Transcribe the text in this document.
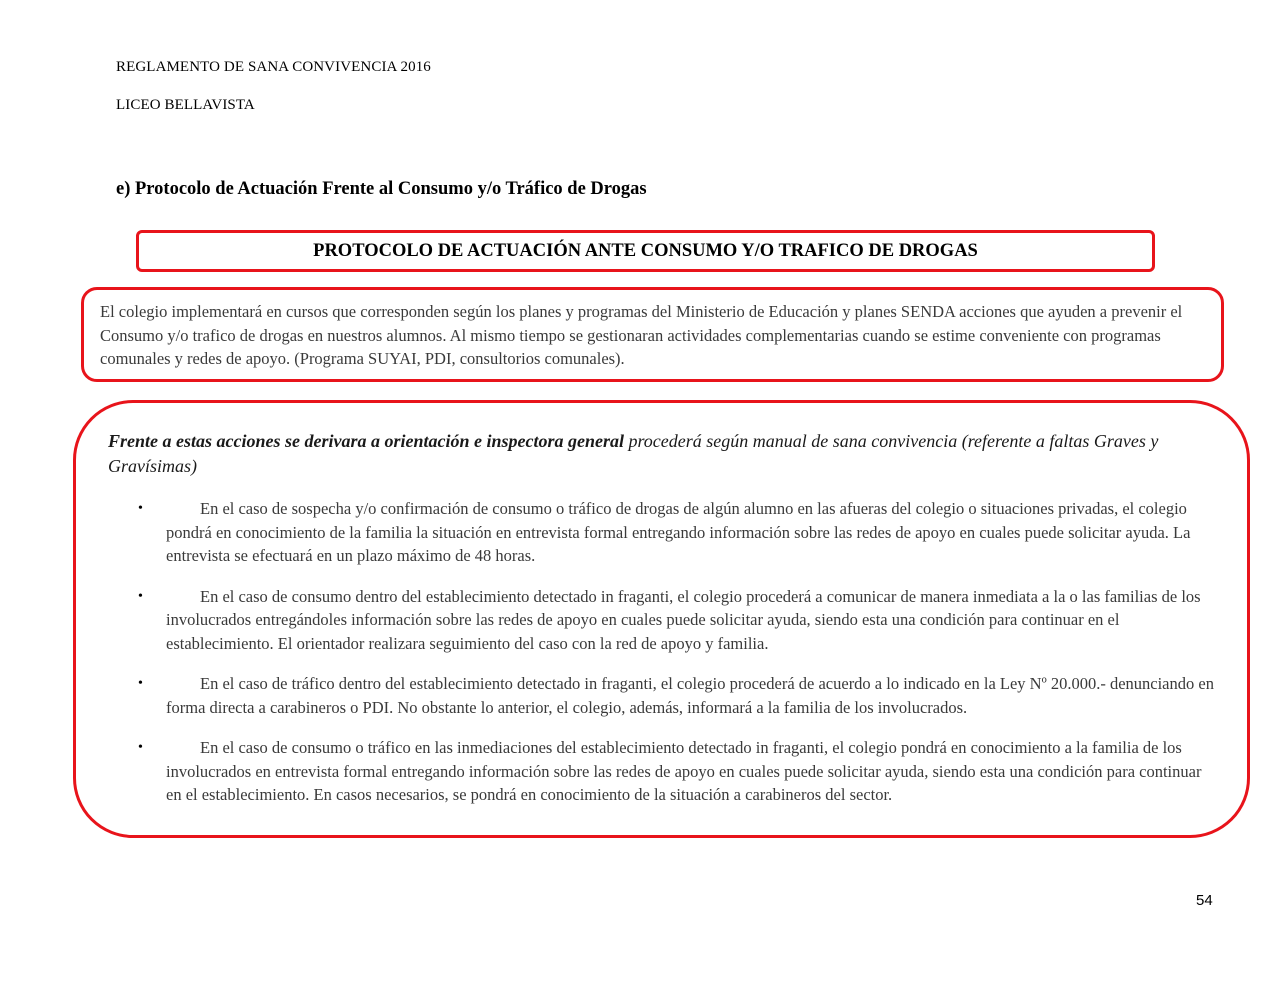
REGLAMENTO DE SANA CONVIVENCIA 2016
LICEO BELLAVISTA
e) Protocolo de Actuación Frente al Consumo y/o Tráfico de Drogas
PROTOCOLO DE ACTUACIÓN ANTE CONSUMO Y/O TRAFICO DE DROGAS

El colegio implementará en cursos que corresponden según los planes y programas del Ministerio de Educación y planes SENDA acciones que ayuden a prevenir el Consumo y/o trafico de drogas en nuestros alumnos. Al mismo tiempo se gestionaran actividades complementarias cuando se estime conveniente con programas comunales y redes de apoyo. (Programa SUYAI, PDI, consultorios comunales).

Frente a estas acciones se derivara a orientación e inspectora general procederá según manual de sana convivencia (referente a faltas Graves y Gravísimas)

•	En el caso de sospecha y/o confirmación de consumo o tráfico de drogas de algún alumno en las afueras del colegio o situaciones privadas, el colegio pondrá en conocimiento de la familia la situación en entrevista formal entregando información sobre las redes de apoyo en cuales puede solicitar ayuda. La entrevista se efectuará en un plazo máximo de 48 horas.
•	En el caso de consumo dentro del establecimiento detectado in fraganti, el colegio procederá a comunicar de manera inmediata a la o las familias de los involucrados entregándoles información sobre las redes de apoyo en cuales puede solicitar ayuda, siendo esta una condición para continuar en el establecimiento. El orientador realizara seguimiento del caso con la red de apoyo y familia.
•	En el caso de tráfico dentro del establecimiento detectado in fraganti, el colegio procederá de acuerdo a lo indicado en la Ley Nº 20.000.- denunciando en forma directa a carabineros o PDI. No obstante lo anterior, el colegio, además, informará a la familia de los involucrados.
•	En el caso de consumo o tráfico en las inmediaciones del establecimiento detectado in fraganti, el colegio pondrá en conocimiento a la familia de los involucrados en entrevista formal entregando información sobre las redes de apoyo en cuales puede solicitar ayuda, siendo esta una condición para continuar en el establecimiento. En casos necesarios, se pondrá en conocimiento de la situación a carabineros del sector.
54
